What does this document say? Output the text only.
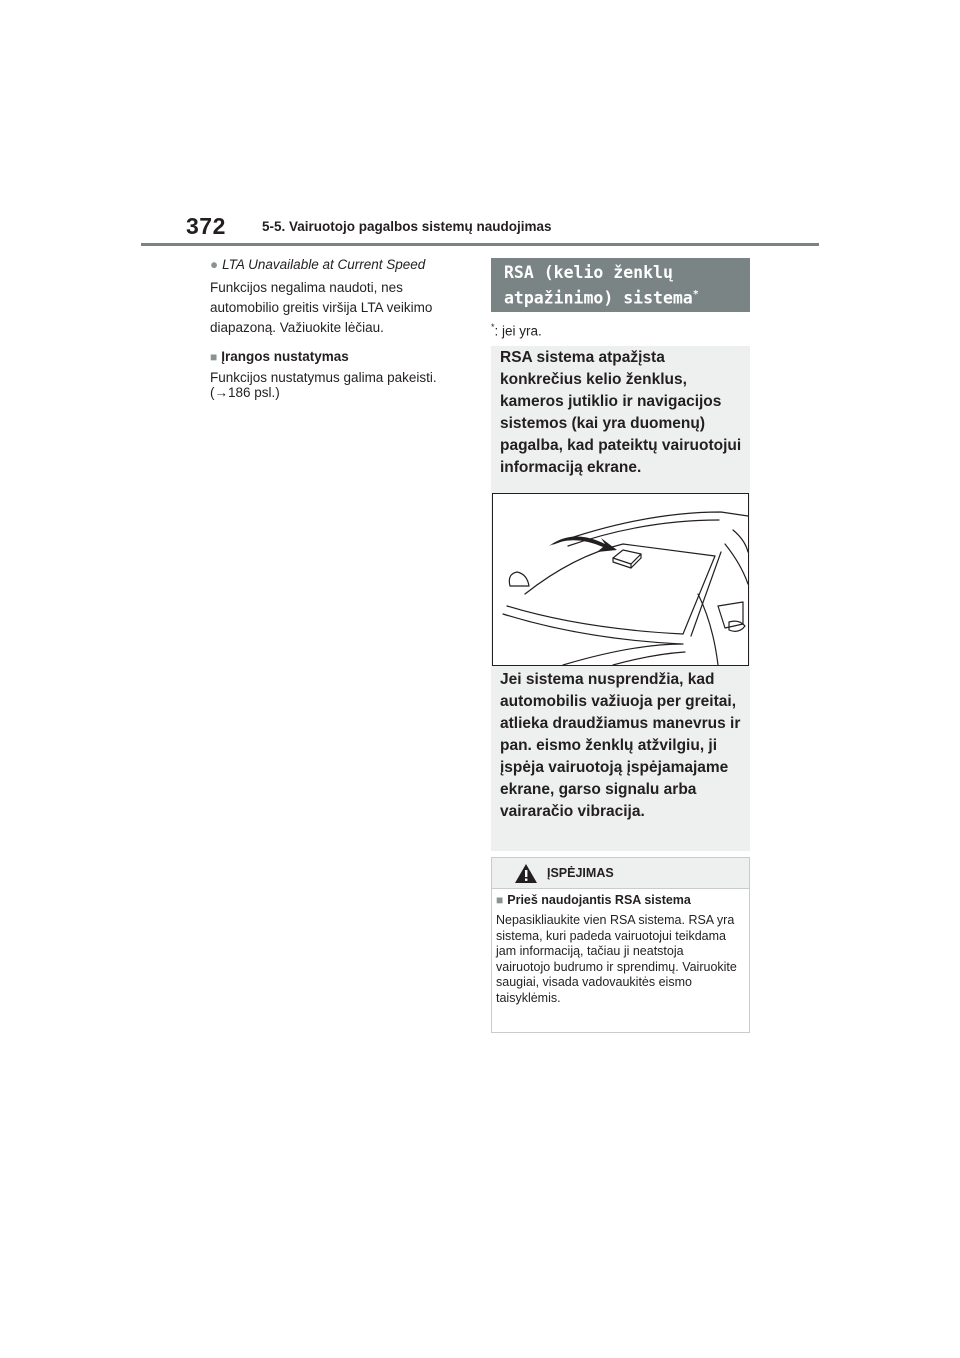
372	5-5. Vairuotojo pagalbos sistemų naudojimas

● LTA Unavailable at Current Speed

Funkcijos negalima naudoti, nes automobilio greitis viršija LTA veikimo diapazoną. Važiuokite lėčiau.

■ Įrangos nustatymas

Funkcijos nustatymus galima pakeisti.
(→186 psl.)

RSA (kelio ženklų
atpažinimo) sistema*
*: jei yra.

RSA sistema atpažįsta konkrečius kelio ženklus, kameros jutiklio ir navigacijos sistemos (kai yra duomenų) pagalba, kad pateiktų vairuotojui informaciją ekrane.

Jei sistema nusprendžia, kad automobilis važiuoja per greitai, atlieka draudžiamus manevrus ir pan. eismo ženklų atžvilgiu, ji įspėja vairuotoją įspėjamajame ekrane, garso signalu arba vairaračio vibracija.

ĮSPĖJIMAS
■ Prieš naudojantis RSA sistema

Nepasikliaukite vien RSA sistema. RSA yra sistema, kuri padeda vairuotojui teikdama jam informaciją, tačiau ji neatstoja vairuotojo budrumo ir sprendimų. Vairuokite saugiai, visada vadovaukitės eismo taisyklėmis.
